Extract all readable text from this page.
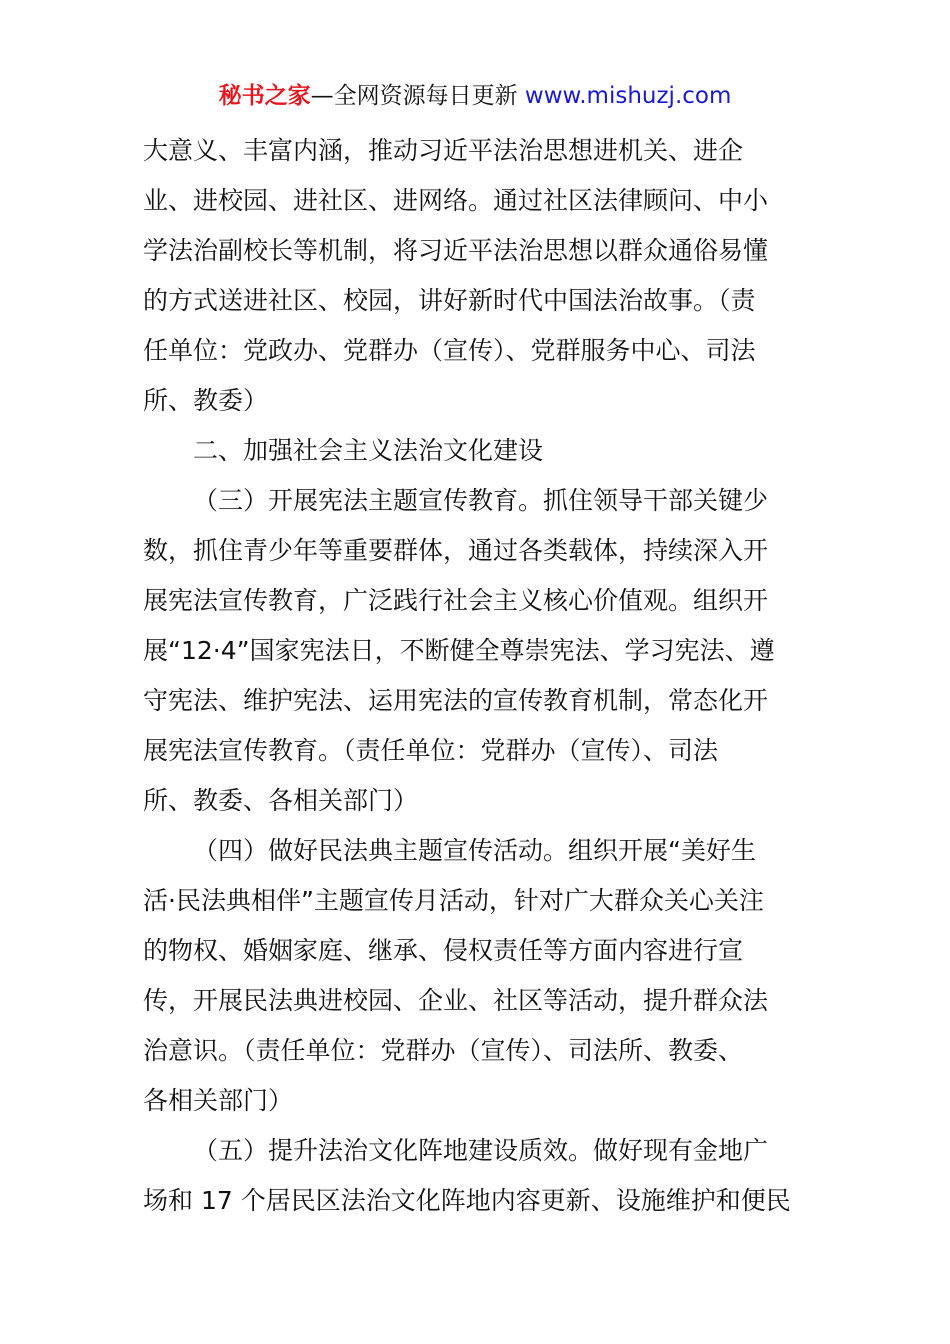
秘书之家—全网资源每日更新 www.mishuzj.com
大意义、丰富内涵，推动习近平法治思想进机关、进企
业、进校园、进社区、进网络。通过社区法律顾问、中小
学法治副校长等机制，将习近平法治思想以群众通俗易懂
的方式送进社区、校园，讲好新时代中国法治故事。（责
任单位：党政办、党群办（宣传）、党群服务中心、司法
所、教委）
二、加强社会主义法治文化建设
（三）开展宪法主题宣传教育。抓住领导干部关键少
数，抓住青少年等重要群体，通过各类载体，持续深入开
展宪法宣传教育，广泛践行社会主义核心价值观。组织开
展“12·4”国家宪法日，不断健全尊崇宪法、学习宪法、遵
守宪法、维护宪法、运用宪法的宣传教育机制，常态化开
展宪法宣传教育。（责任单位：党群办（宣传）、司法
所、教委、各相关部门）
（四）做好民法典主题宣传活动。组织开展“美好生
活·民法典相伴”主题宣传月活动，针对广大群众关心关注
的物权、婚姻家庭、继承、侵权责任等方面内容进行宣
传，开展民法典进校园、企业、社区等活动，提升群众法
治意识。（责任单位：党群办（宣传）、司法所、教委、
各相关部门）
（五）提升法治文化阵地建设质效。做好现有金地广
场和 17 个居民区法治文化阵地内容更新、设施维护和便民
